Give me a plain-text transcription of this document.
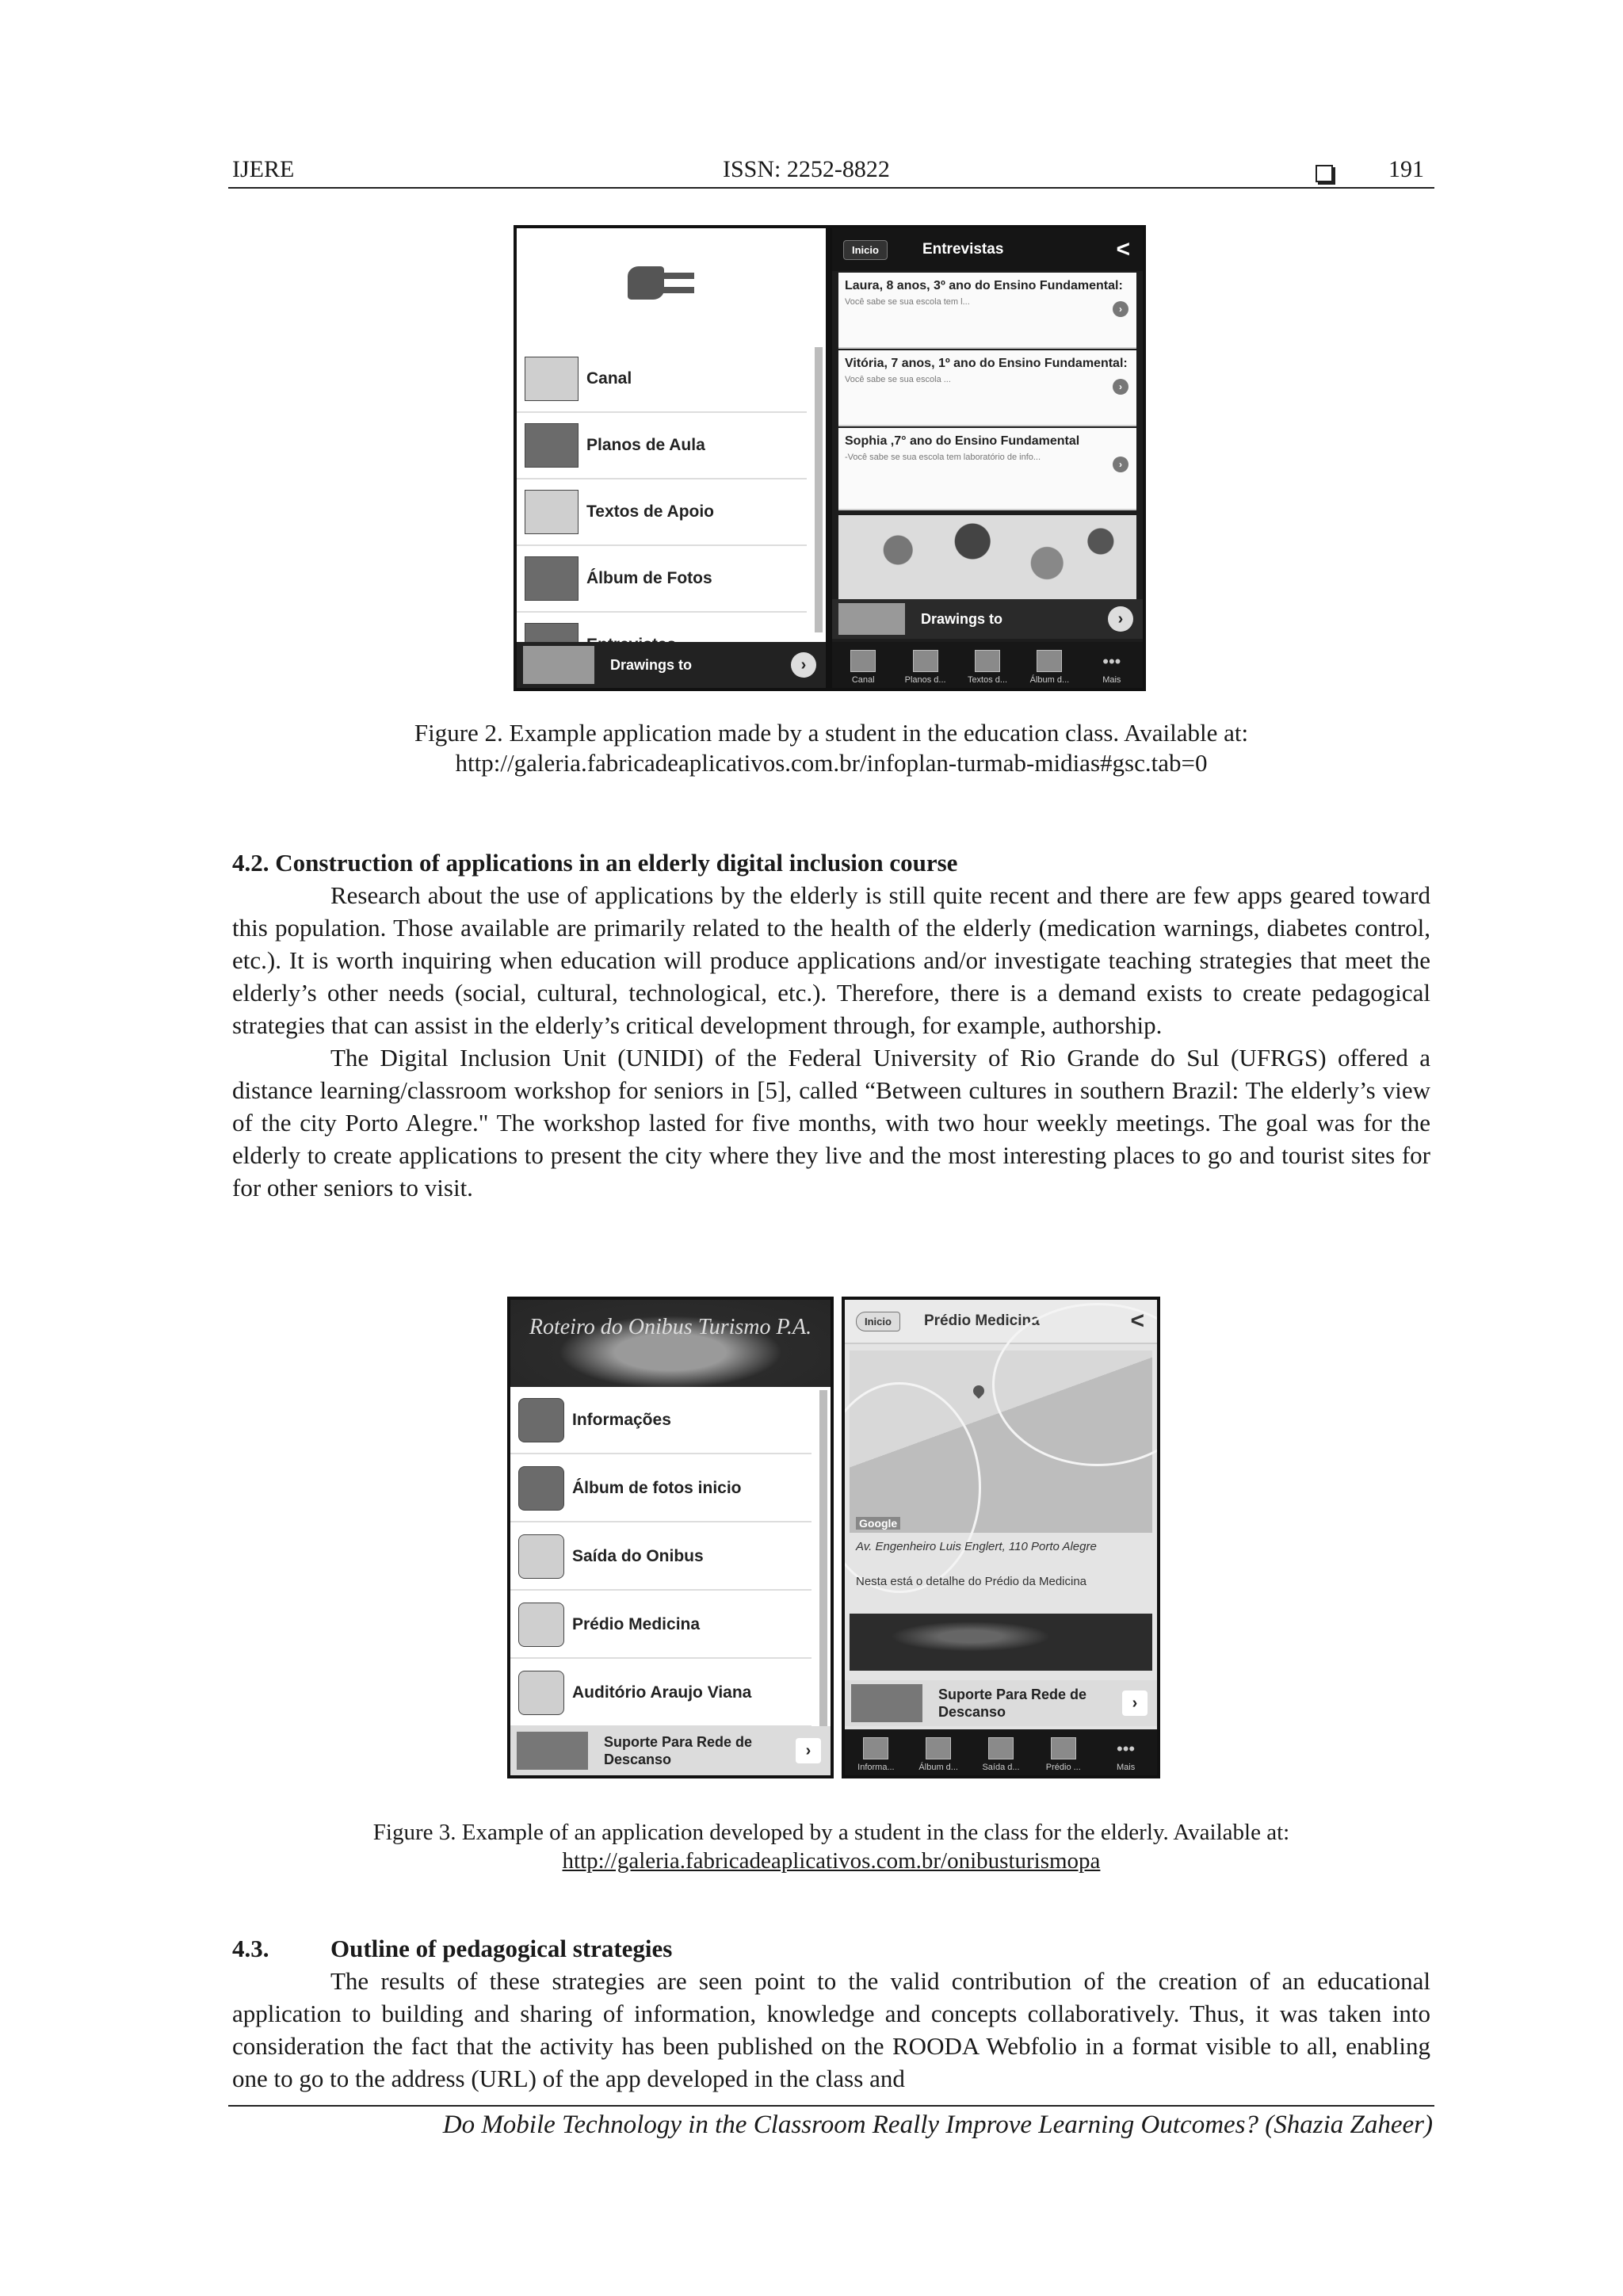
IJERE	ISSN: 2252-8822	191
Canal
Planos de Aula
Textos de Apoio
Álbum de Fotos
Drawings to	›
Inicio	Entrevistas	<
Laura, 8 anos, 3º ano do Ensino Fundamental:
Você sabe se sua escola tem l...
›
Vitória, 7 anos, 1º ano do Ensino Fundamental:
Você sabe se sua escola ...
›
Sophia ,7° ano do Ensino Fundamental
-Você sabe se sua escola tem laboratório de info...
›
Drawings to	›
Canal	Planos d... Textos d...	Álbum d...
•••
Mais
Figure 2. Example application made by a student in the education class. Available at:
http://galeria.fabricadeaplicativos.com.br/infoplan-turmab-midias#gsc.tab=0
4.2. Construction of applications in an elderly digital inclusion course

Research about the use of applications by the elderly is still quite recent and there are few apps geared toward this population. Those available are primarily related to the health of the elderly (medication warnings, diabetes control, etc.). It is worth inquiring when education will produce applications and/or investigate teaching strategies that meet the elderly’s other needs (social, cultural, technological, etc.). Therefore, there is a demand exists to create pedagogical strategies that can assist in the elderly’s critical development through, for example, authorship.

The Digital Inclusion Unit (UNIDI) of the Federal University of Rio Grande do Sul (UFRGS) offered a distance learning/classroom workshop for seniors in [5], called “Between cultures in southern Brazil: The elderly’s view of the city Porto Alegre." The workshop lasted for five months, with two hour weekly meetings. The goal was for the elderly to create applications to present the city where they live and the most interesting places to go and tourist sites for for other seniors to visit.

Roteiro do Onibus Turismo P.A.
Informações
Álbum de fotos inicio
Saída do Onibus
Prédio Medicina
Auditório Araujo Viana
Suporte Para Rede de Descanso	›
Inicio	Prédio Medicina	<
Google
Av. Engenheiro Luis Englert, 110 Porto Alegre
Nesta está o detalhe do Prédio da Medicina
Suporte Para Rede de Descanso	›
Informa...	Álbum d...	Saída d...	Prédio ...
•••
Mais
Figure 3. Example of an application developed by a student in the class for the elderly. Available at:
http://galeria.fabricadeaplicativos.com.br/onibusturismopa
4.3.	Outline of pedagogical strategies

The results of these strategies are seen point to the valid contribution of the creation of an educational application to building and sharing of information, knowledge and concepts collaboratively. Thus, it was taken into consideration the fact that the activity has been published on the ROODA Webfolio in a format visible to all, enabling one to go to the address (URL) of the app developed in the class and

Do Mobile Technology in the Classroom Really Improve Learning Outcomes? (Shazia Zaheer)
